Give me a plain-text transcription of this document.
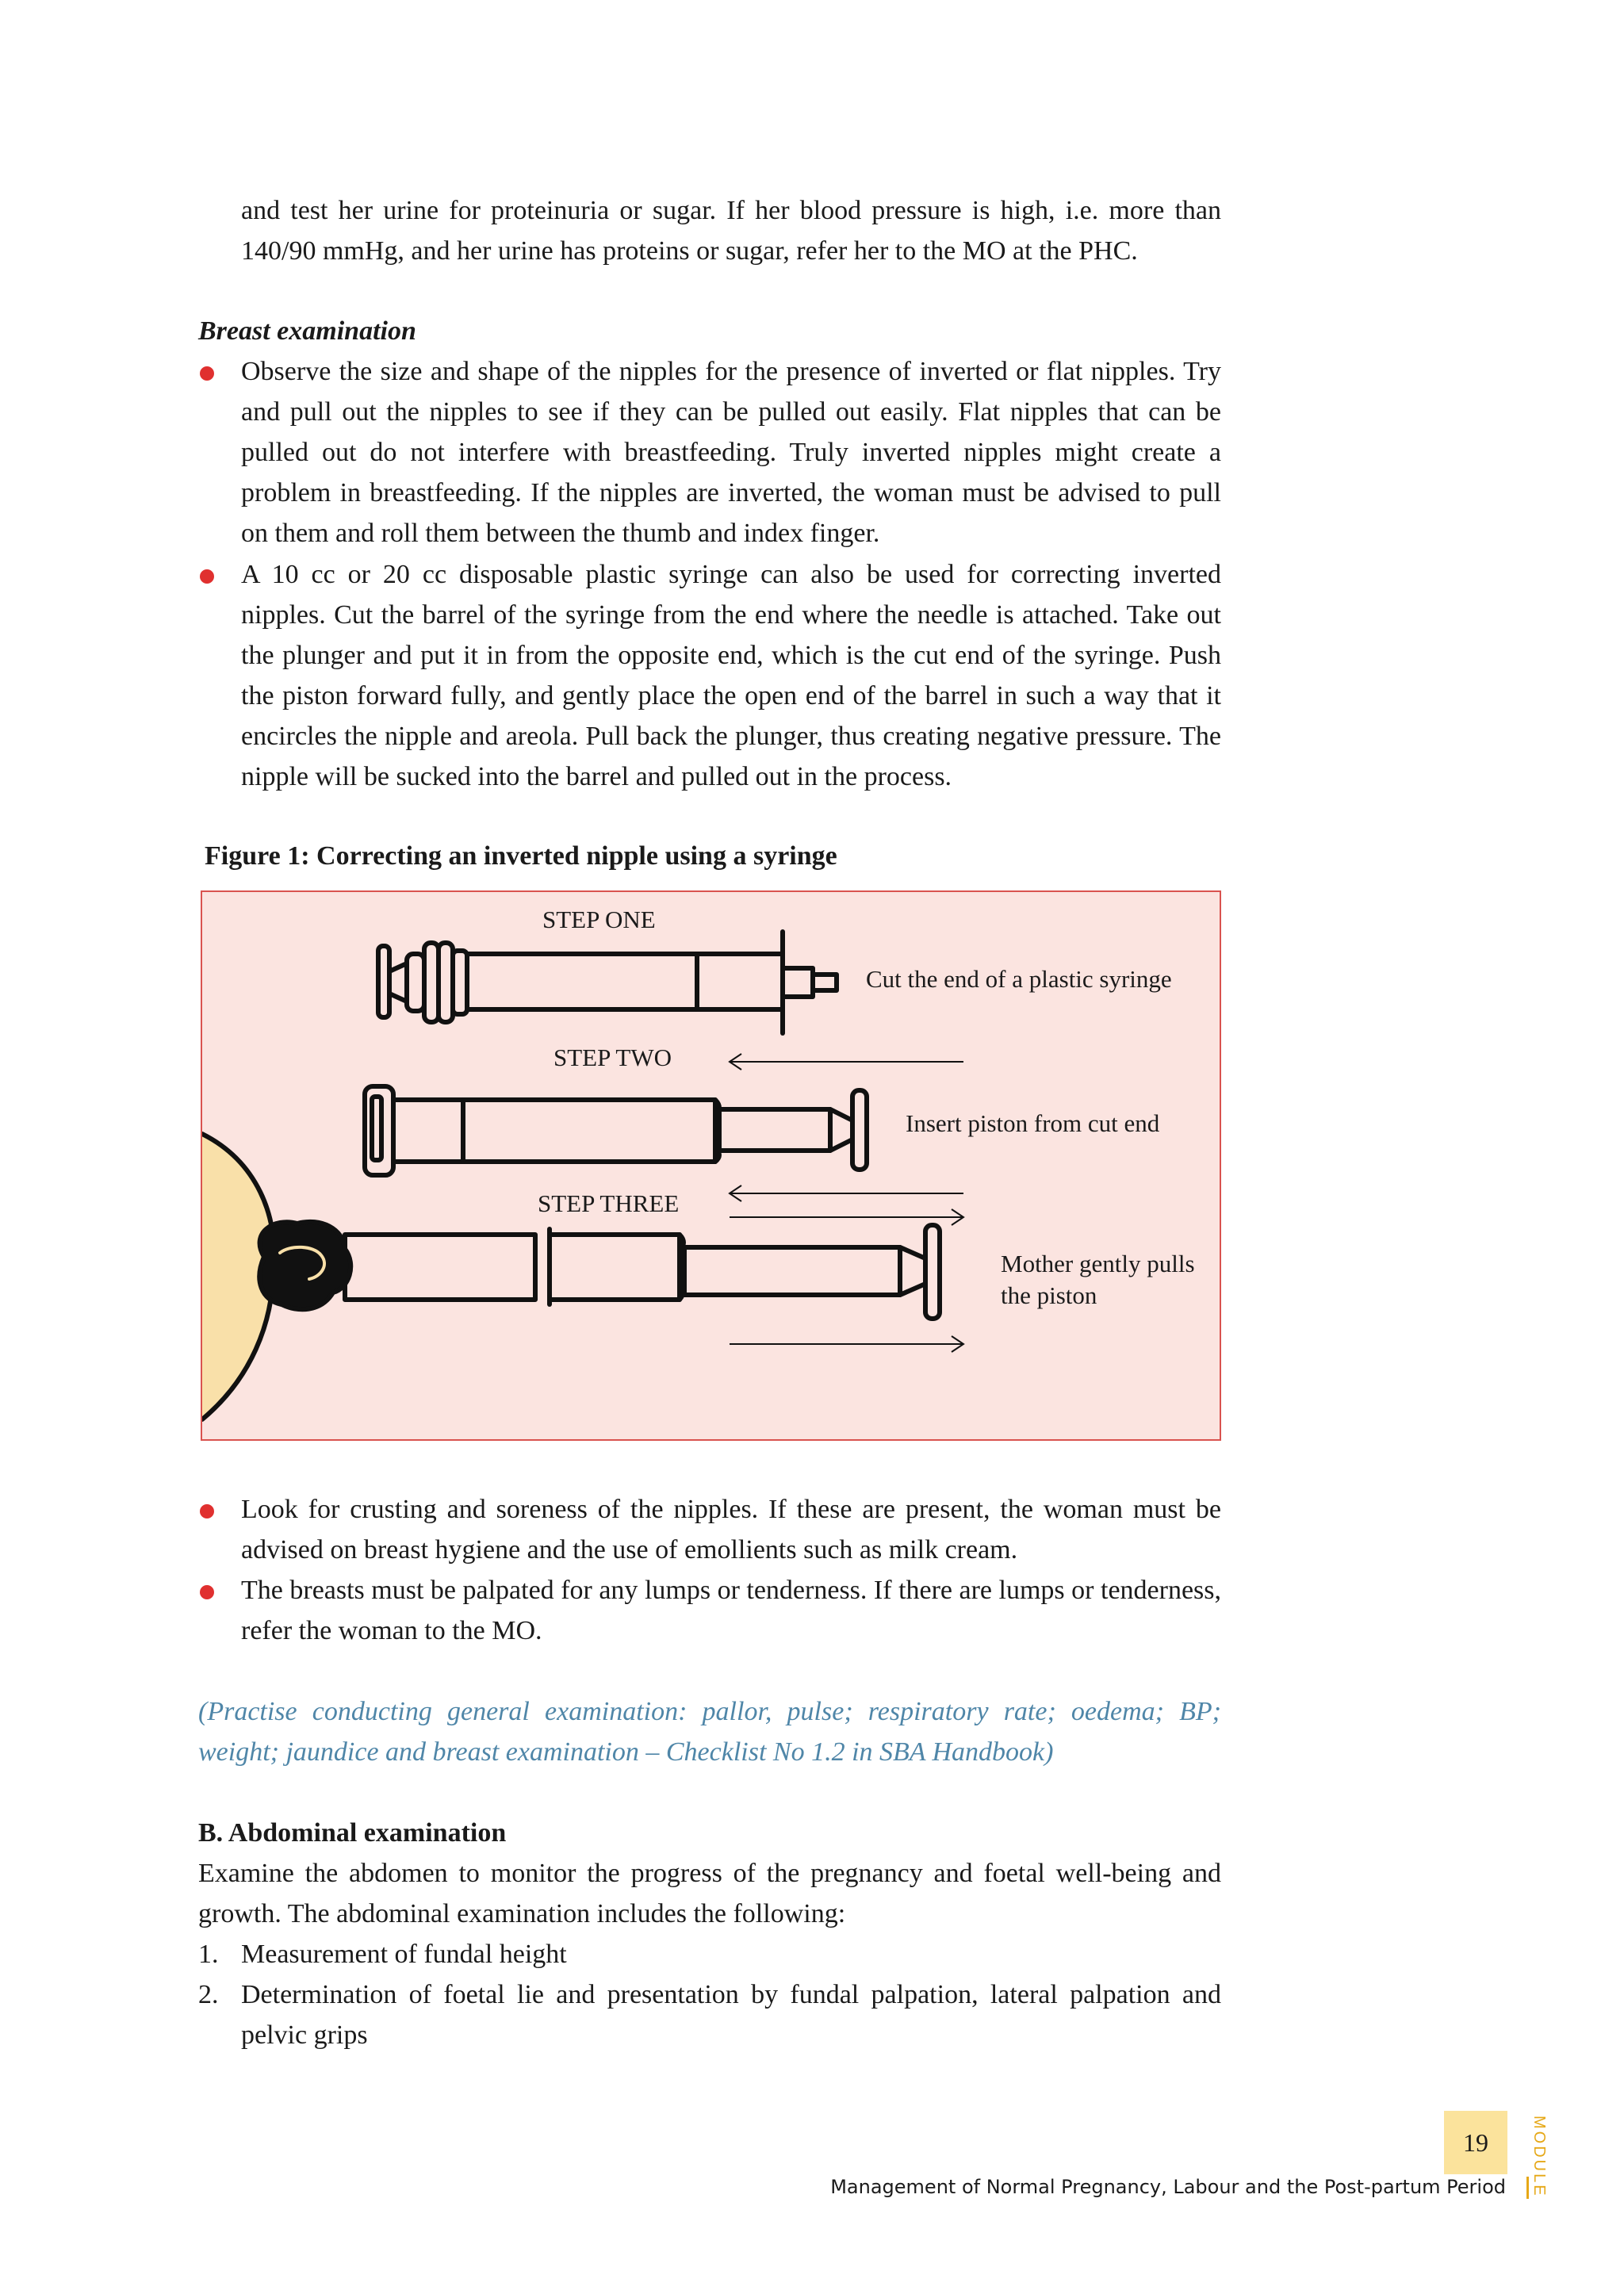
and test her urine for proteinuria or sugar. If her blood pressure is high, i.e. more than 140/90 mmHg, and her urine has proteins or sugar, refer her to the MO at the PHC.

Breast examination

Observe the size and shape of the nipples for the presence of inverted or flat nipples. Try and pull out the nipples to see if they can be pulled out easily. Flat nipples that can be pulled out do not interfere with breastfeeding. Truly inverted nipples might create a problem in breastfeeding. If the nipples are inverted, the woman must be advised to pull on them and roll them between the thumb and index finger.

A 10 cc or 20 cc disposable plastic syringe can also be used for correcting inverted nipples. Cut the barrel of the syringe from the end where the needle is attached. Take out the plunger and put it in from the opposite end, which is the cut end of the syringe. Push the piston forward fully, and gently place the open end of the barrel in such a way that it encircles the nipple and areola. Pull back the plunger, thus creating negative pressure. The nipple will be sucked into the barrel and pulled out in the process.

Figure 1: Correcting an inverted nipple using a syringe
STEP ONE
Cut the end of a plastic syringe
STEP TWO
Insert piston from cut end
STEP THREE
Mother gently pulls
the piston

Look for crusting and soreness of the nipples. If these are present, the woman must be advised on breast hygiene and the use of emollients such as milk cream.

The breasts must be palpated for any lumps or tenderness. If there are lumps or tenderness, refer the woman to the MO.

(Practise conducting general examination: pallor, pulse; respiratory rate; oedema; BP; weight; jaundice and breast examination – Checklist No 1.2 in SBA Handbook)

B. Abdominal examination

Examine the abdomen to monitor the progress of the pregnancy and foetal well-being and growth. The abdominal examination includes the following:

1. Measurement of fundal height

2. Determination of foetal lie and presentation by fundal palpation, lateral palpation and pelvic grips

19	MODULE
Management of Normal Pregnancy, Labour and the Post-partum Period
